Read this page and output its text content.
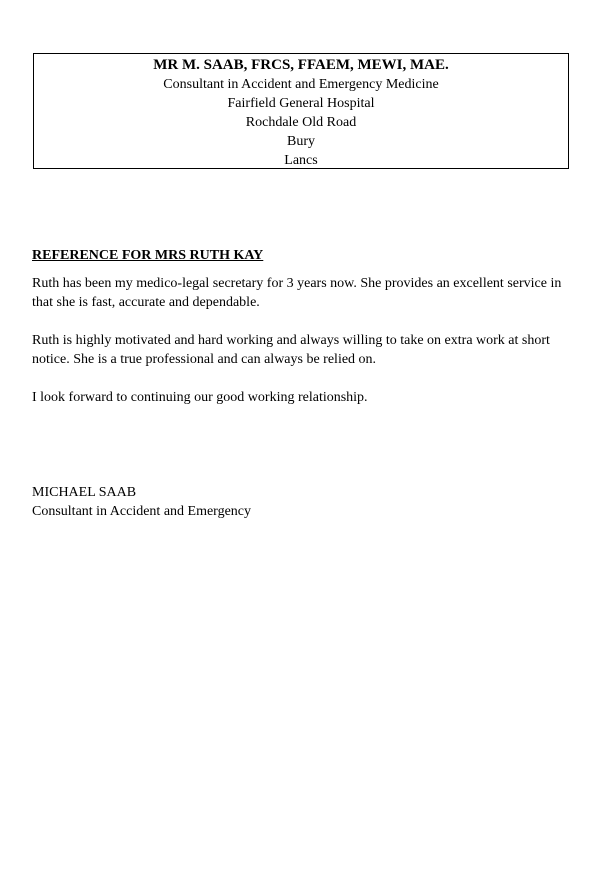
MR M. SAAB, FRCS, FFAEM, MEWI, MAE.
Consultant in Accident and Emergency Medicine
Fairfield General Hospital
Rochdale Old Road
Bury
Lancs
REFERENCE FOR MRS RUTH KAY
Ruth has been my medico-legal secretary for 3 years now. She provides an excellent service in that she is fast, accurate and dependable.
Ruth is highly motivated and hard working and always willing to take on extra work at short notice. She is a true professional and can always be relied on.
I look forward to continuing our good working relationship.
MICHAEL SAAB
Consultant in Accident and Emergency
